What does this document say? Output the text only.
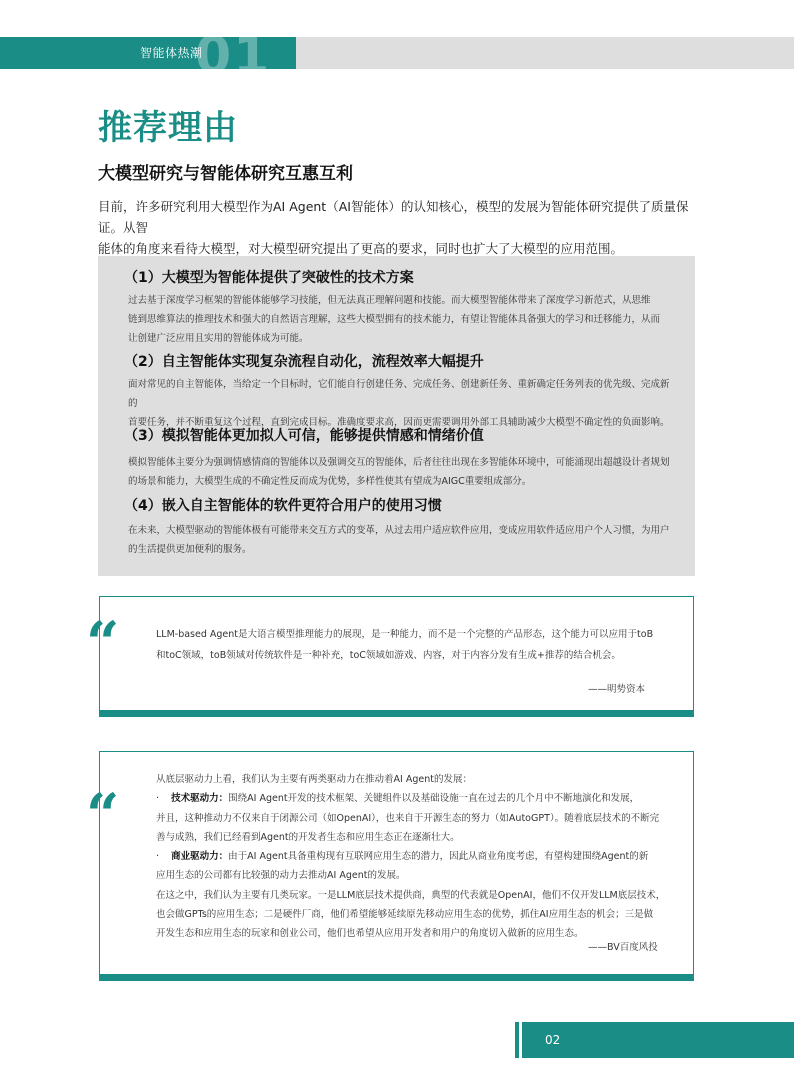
智能体热潮
01
推荐理由
大模型研究与智能体研究互惠互利
目前，许多研究利用大模型作为AI Agent（AI智能体）的认知核心，模型的发展为智能体研究提供了质量保证。从智
能体的角度来看待大模型，对大模型研究提出了更高的要求，同时也扩大了大模型的应用范围。
（1）大模型为智能体提供了突破性的技术方案
过去基于深度学习框架的智能体能够学习技能，但无法真正理解问题和技能。而大模型智能体带来了深度学习新范式，从思维
链到思维算法的推理技术和强大的自然语言理解，这些大模型拥有的技术能力，有望让智能体具备强大的学习和迁移能力，从而
让创建广泛应用且实用的智能体成为可能。
（2）自主智能体实现复杂流程自动化，流程效率大幅提升
面对常见的自主智能体，当给定一个目标时，它们能自行创建任务、完成任务、创建新任务、重新确定任务列表的优先级、完成新的
首要任务，并不断重复这个过程，直到完成目标。准确度要求高，因而更需要调用外部工具辅助减少大模型不确定性的负面影响。
（3）模拟智能体更加拟人可信，能够提供情感和情绪价值
模拟智能体主要分为强调情感情商的智能体以及强调交互的智能体，后者往往出现在多智能体环境中，可能涌现出超越设计者规划
的场景和能力，大模型生成的不确定性反而成为优势，多样性使其有望成为AIGC重要组成部分。
（4）嵌入自主智能体的软件更符合用户的使用习惯
在未来，大模型驱动的智能体极有可能带来交互方式的变革，从过去用户适应软件应用，变成应用软件适应用户个人习惯，为用户
的生活提供更加便利的服务。
“	LLM-based Agent是大语言模型推理能力的展现，是一种能力，而不是一个完整的产品形态，这个能力可以应用于toB
和toC领域，toB领域对传统软件是一种补充，toC领域如游戏、内容，对于内容分发有生成+推荐的结合机会。
——明势资本
“
从底层驱动力上看，我们认为主要有两类驱动力在推动着AI Agent的发展：
· 技术驱动力：围绕AI Agent开发的技术框架、关键组件以及基础设施一直在过去的几个月中不断地演化和发展，
并且，这种推动力不仅来自于闭源公司（如OpenAI），也来自于开源生态的努力（如AutoGPT）。随着底层技术的不断完
善与成熟，我们已经看到Agent的开发者生态和应用生态正在逐渐壮大。
· 商业驱动力：由于AI Agent具备重构现有互联网应用生态的潜力，因此从商业角度考虑，有望构建围绕Agent的新
应用生态的公司都有比较强的动力去推动AI Agent的发展。
在这之中，我们认为主要有几类玩家。一是LLM底层技术提供商，典型的代表就是OpenAI，他们不仅开发LLM底层技术，
也会做GPTs的应用生态；二是硬件厂商，他们希望能够延续原先移动应用生态的优势，抓住AI应用生态的机会；三是做
开发生态和应用生态的玩家和创业公司，他们也希望从应用开发者和用户的角度切入做新的应用生态。
——BV百度风投
02
